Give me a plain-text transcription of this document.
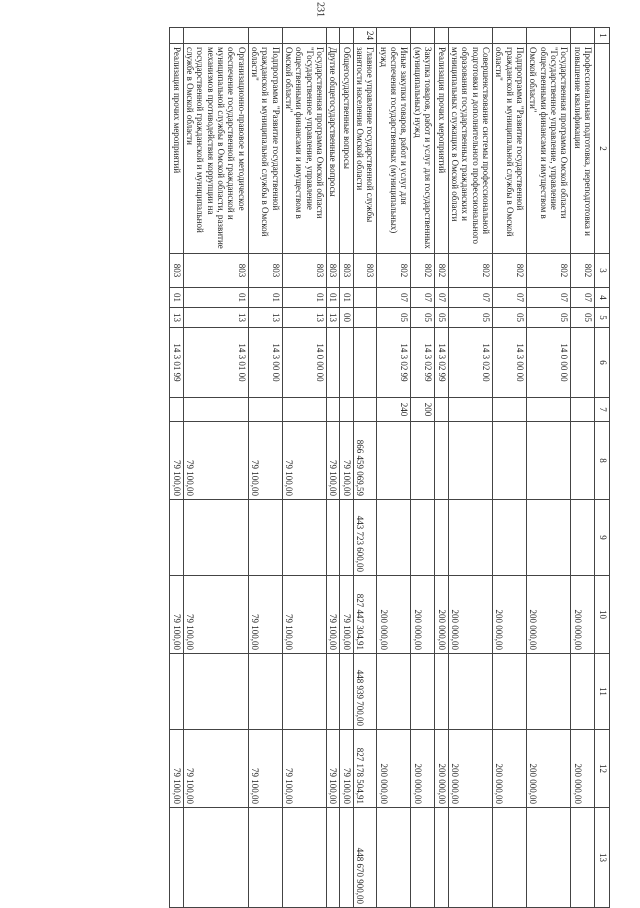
231
1	2	3	4	5	6	7	8	9	10	11	12	13
	Профессиональная подготовка, переподготовка и повышение квалификации	802	07	05					200 000,00		200 000,00	
	Государственная программа Омской области "Государственное управление, управление общественными финансами и имуществом в Омской области"	802	07	05	14 0 00 00				200 000,00		200 000,00	
	Подпрограмма "Развитие государственной гражданской и муниципальной службы в Омской области"	802	07	05	14 3 00 00				200 000,00		200 000,00	
	Совершенствование системы профессиональной подготовки и дополнительного профессионального образования государственных гражданских и муниципальных служащих в Омской области	802	07	05	14 3 02 00				200 000,00		200 000,00	
	Реализация прочих мероприятий	802	07	05	14 3 02 99				200 000,00		200 000,00	
	Закупка товаров, работ и услуг для государственных (муниципальных) нужд	802	07	05	14 3 02 99	200			200 000,00		200 000,00	
	Иные закупки товаров, работ и услуг для обеспечения государственных (муниципальных) нужд	802	07	05	14 3 02 99	240			200 000,00		200 000,00	
24	Главное управление государственной службы занятости населения Омской области	803					866 459 069,59	443 723 600,00	827 447 304,91	448 939 700,00	827 178 504,91	448 670 900,00
	Общегосударственные вопросы	803	01	00			79 100,00		79 100,00		79 100,00	
	Другие общегосударственные вопросы	803	01	13			79 100,00		79 100,00		79 100,00	
	Государственная программа Омской области "Государственное управление, управление общественными финансами и имуществом в Омской области"	803	01	13	14 0 00 00		79 100,00		79 100,00		79 100,00	
	Подпрограмма "Развитие государственной гражданской и муниципальной службы в Омской области"	803	01	13	14 3 00 00		79 100,00		79 100,00		79 100,00	
	Организационно-правовое и методическое обеспечение государственной гражданской и муниципальной службы в Омской области, развитие механизмов противодействия коррупции на государственной гражданской и муниципальной службе в Омской области	803	01	13	14 3 01 00		79 100,00		79 100,00		79 100,00	
	Реализация прочих мероприятий	803	01	13	14 3 01 99		79 100,00		79 100,00		79 100,00	
